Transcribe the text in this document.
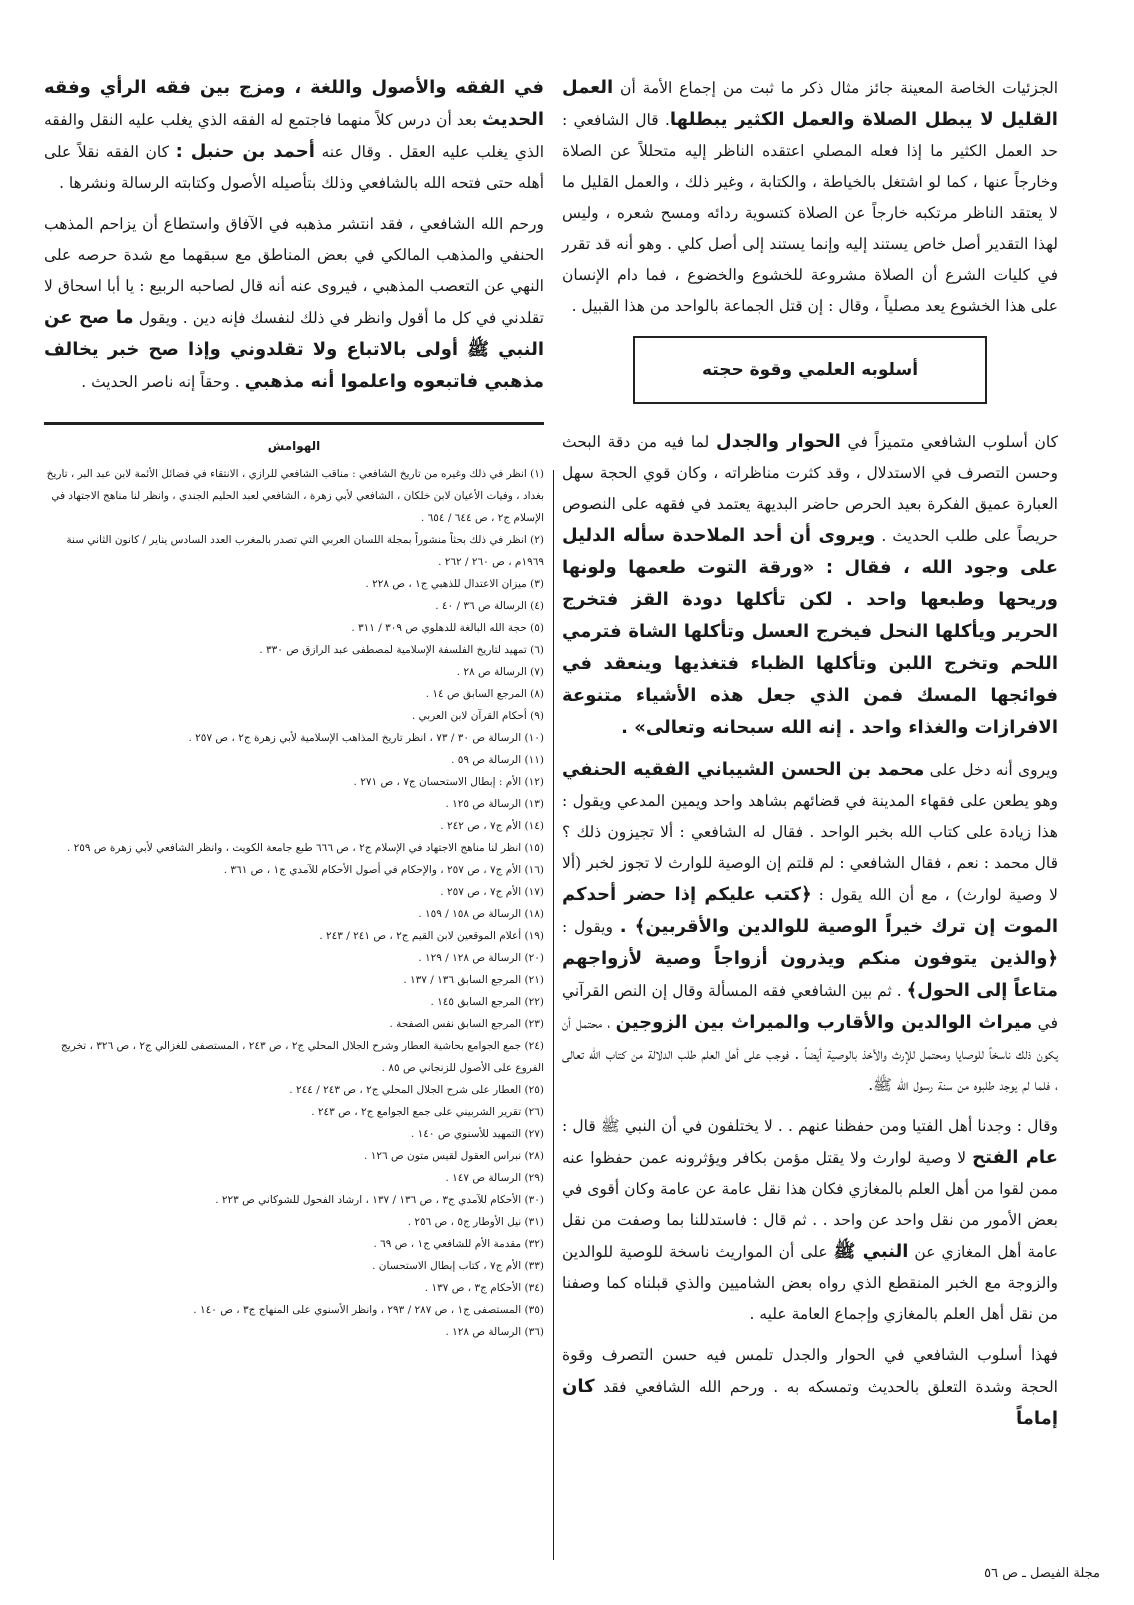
الجزئيات الخاصة المعينة جائز مثال ذكر ما ثبت من إجماع الأمة أن العمل القليل لا يبطل الصلاة والعمل الكثير يبطلها. قال الشافعي : حد العمل الكثير ما إذا فعله المصلي اعتقده الناظر إليه متحللاً عن الصلاة وخارجاً عنها ، كما لو اشتغل بالخياطة ، والكتابة ، وغير ذلك ، والعمل القليل ما لا يعتقد الناظر مرتكبه خارجاً عن الصلاة كتسوية ردائه ومسح شعره ، وليس لهذا التقدير أصل خاص يستند إليه وإنما يستند إلى أصل كلي . وهو أنه قد تقرر في كليات الشرع أن الصلاة مشروعة للخشوع والخضوع ، فما دام الإنسان على هذا الخشوع يعد مصلياً ، وقال : إن قتل الجماعة بالواحد من هذا القبيل .

أسلوبه العلمي وقوة حجته

كان أسلوب الشافعي متميزاً في الحوار والجدل لما فيه من دقة البحث وحسن التصرف في الاستدلال ، وقد كثرت مناظراته ، وكان قوي الحجة سهل العبارة عميق الفكرة بعيد الحرص حاضر البديهة يعتمد في فقهه على النصوص حريصاً على طلب الحديث . ويروى أن أحد الملاحدة سأله الدليل على وجود الله ، فقال : «ورقة التوت طعمها ولونها وريحها وطبعها واحد . لكن تأكلها دودة القز فتخرج الحرير ويأكلها النحل فيخرج العسل وتأكلها الشاة فترمي اللحم وتخرج اللبن وتأكلها الظباء فتغذيها وينعقد في فوائجها المسك فمن الذي جعل هذه الأشياء متنوعة الافرازات والغذاء واحد . إنه الله سبحانه وتعالى» .

ويروى أنه دخل على محمد بن الحسن الشيباني الفقيه الحنفي وهو يطعن على فقهاء المدينة في قضائهم بشاهد واحد ويمين المدعي ويقول : هذا زيادة على كتاب الله بخبر الواحد . فقال له الشافعي : ألا تجيزون ذلك ؟ قال محمد : نعم ، فقال الشافعي : لم قلتم إن الوصية للوارث لا تجوز لخبر (ألا لا وصية لوارث) ، مع أن الله يقول : ﴿كتب عليكم إذا حضر أحدكم الموت إن ترك خيراً الوصية للوالدين والأقربين﴾ . ويقول : ﴿والذين يتوفون منكم ويذرون أزواجاً وصية لأزواجهم متاعاً إلى الحول﴾ . ثم بين الشافعي فقه المسألة وقال إن النص القرآني في ميراث الوالدين والأقارب والميراث بين الزوجين ، محتمل أن يكون ذلك ناسخاً للوصايا ومحتمل للإرث والأخذ بالوصية أيضاً . فوجب على أهل العلم طلب الدلالة من كتاب الله تعالى ، فلما لم يوجد طلبوه من سنة رسول الله ﷺ.

وقال : وجدنا أهل الفتيا ومن حفظنا عنهم . . لا يختلفون في أن النبي ﷺ قال : عام الفتح لا وصية لوارث ولا يقتل مؤمن بكافر ويؤثرونه عمن حفظوا عنه ممن لقوا من أهل العلم بالمغازي فكان هذا نقل عامة عن عامة وكان أقوى في بعض الأمور من نقل واحد عن واحد . . ثم قال : فاستدللنا بما وصفت من نقل عامة أهل المغازي عن النبي ﷺ على أن المواريث ناسخة للوصية للوالدين والزوجة مع الخبر المنقطع الذي رواه بعض الشاميين والذي قبلناه كما وصفنا من نقل أهل العلم بالمغازي وإجماع العامة عليه .

فهذا أسلوب الشافعي في الحوار والجدل تلمس فيه حسن التصرف وقوة الحجة وشدة التعلق بالحديث وتمسكه به . ورحم الله الشافعي فقد كان إماماً

في الفقه والأصول واللغة ، ومزج بين فقه الرأي وفقه الحديث بعد أن درس كلاً منهما فاجتمع له الفقه الذي يغلب عليه النقل والفقه الذي يغلب عليه العقل . وقال عنه أحمد بن حنبل : كان الفقه نقلاً على أهله حتى فتحه الله بالشافعي وذلك بتأصيله الأصول وكتابته الرسالة ونشرها .

ورحم الله الشافعي ، فقد انتشر مذهبه في الآفاق واستطاع أن يزاحم المذهب الحنفي والمذهب المالكي في بعض المناطق مع سبقهما مع شدة حرصه على النهي عن التعصب المذهبي ، فيروى عنه أنه قال لصاحبه الربيع : يا أبا اسحاق لا تقلدني في كل ما أقول وانظر في ذلك لنفسك فإنه دين . ويقول ما صح عن النبي ﷺ أولى بالاتباع ولا تقلدوني وإذا صح خبر يخالف مذهبي فاتبعوه واعلموا أنه مذهبي . وحقاً إنه ناصر الحديث .

الهوامش

(١) انظر في ذلك وغيره من تاريخ الشافعي : مناقب الشافعي للرازي ، الانتقاء في فضائل الأئمة لابن عبد البر ، تاريخ بغداد ، وفيات الأعيان لابن خلكان ، الشافعي لأبي زهرة ، الشافعي لعبد الحليم الجندي ، وانظر لنا مناهج الاجتهاد في الإسلام ج٢ ، ص ٦٤٤ / ٦٥٤ .

(٢) انظر في ذلك بحثاً منشوراً بمجلة اللسان العربي التي تصدر بالمغرب العدد السادس يناير / كانون الثاني سنة ١٩٦٩م ، ص ٢٦٠ / ٢٦٢ .

(٣) ميزان الاعتدال للذهبي ج١ ، ص ٢٢٨ .

(٤) الرسالة ص ٣٦ / ٤٠ .

(٥) حجة الله البالغة للدهلوي ص ٣٠٩ / ٣١١ .

(٦) تمهيد لتاريخ الفلسفة الإسلامية لمصطفى عبد الرازق ص ٣٣٠ .

(٧) الرسالة ص ٢٨ .

(٨) المرجع السابق ص ١٤ .

(٩) أحكام القرآن لابن العربي .

(١٠) الرسالة ص ٣٠ / ٧٣ ، انظر تاريخ المذاهب الإسلامية لأبي زهرة ج٢ ، ص ٢٥٧ .

(١١) الرسالة ص ٥٩ .

(١٢) الأم : إبطال الاستحسان ج٧ ، ص ٢٧١ .

(١٣) الرسالة ص ١٢٥ .

(١٤) الأم ج٧ ، ص ٢٤٢ .

(١٥) انظر لنا مناهج الاجتهاد في الإسلام ج٢ ، ص ٦٦٦ طبع جامعة الكويت ، وانظر الشافعي لأبي زهرة ص ٢٥٩ .

(١٦) الأم ج٧ ، ص ٢٥٧ ، والإحكام في أصول الأحكام للآمدي ج١ ، ص ٣٦١ .

(١٧) الأم ج٧ ، ص ٢٥٧ .

(١٨) الرسالة ص ١٥٨ / ١٥٩ .

(١٩) أعلام الموقعين لابن القيم ج٢ ، ص ٢٤١ / ٢٤٣ .

(٢٠) الرسالة ص ١٢٨ / ١٢٩ .

(٢١) المرجع السابق ١٣٦ / ١٣٧ .

(٢٢) المرجع السابق ١٤٥ .

(٢٣) المرجع السابق نفس الصفحة .

(٢٤) جمع الجوامع بحاشية العطار وشرح الجلال المحلي ج٢ ، ص ٢٤٣ ، المستصفى للغزالي ج٢ ، ص ٣٢٦ ، تخريج الفروع على الأصول للزنجاني ص ٨٥ .

(٢٥) العطار على شرح الجلال المحلي ج٢ ، ص ٢٤٣ / ٢٤٤ .

(٢٦) تقرير الشربيني على جمع الجوامع ج٢ ، ص ٢٤٣ .

(٢٧) التمهيد للأسنوي ص ١٤٠ .

(٢٨) نبراس العقول لقيس متون ص ١٢٦ .

(٢٩) الرسالة ص ١٤٧ .

(٣٠) الأحكام للآمدي ج٣ ، ص ١٣٦ / ١٣٧ ، ارشاد الفحول للشوكاني ص ٢٢٣ .

(٣١) نيل الأوطار ج٥ ، ص ٢٥٦ .

(٣٢) مقدمة الأم للشافعي ج١ ، ص ٦٩ .

(٣٣) الأم ج٧ ، كتاب إبطال الاستحسان .

(٣٤) الأحكام ج٣ ، ص ١٣٧ .

(٣٥) المستصفى ج١ ، ص ٢٨٧ / ٢٩٣ ، وانظر الأسنوي على المنهاج ج٣ ، ص ١٤٠ .

(٣٦) الرسالة ص ١٢٨ .

مجلة الفيصل ـ ص ٥٦
